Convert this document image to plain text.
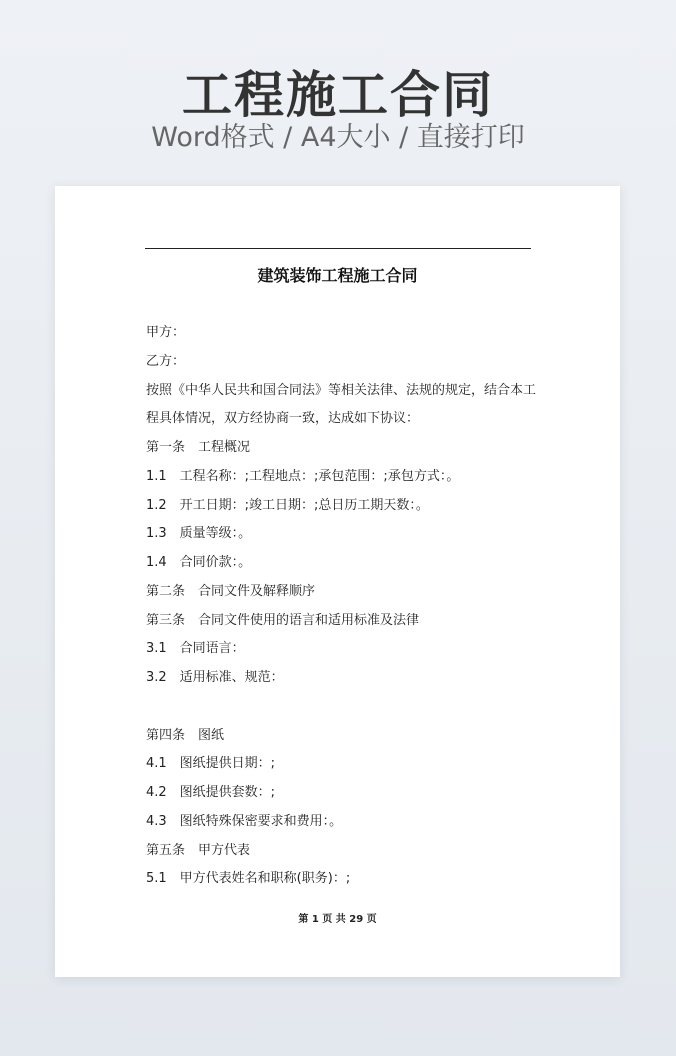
工程施工合同
Word格式 / A4大小 / 直接打印
建筑装饰工程施工合同
甲方：
乙方：
按照《中华人民共和国合同法》等相关法律、法规的规定，结合本工
程具体情况，双方经协商一致，达成如下协议：
第一条　工程概况
1.1　工程名称：;工程地点：;承包范围：;承包方式：。
1.2　开工日期：;竣工日期：;总日历工期天数：。
1.3　质量等级：。
1.4　合同价款：。
第二条　合同文件及解释顺序
第三条　合同文件使用的语言和适用标准及法律
3.1　合同语言：
3.2　适用标准、规范：
第四条　图纸
4.1　图纸提供日期：;
4.2　图纸提供套数：;
4.3　图纸特殊保密要求和费用：。
第五条　甲方代表
5.1　甲方代表姓名和职称(职务)：;
第 1 页 共 29 页
